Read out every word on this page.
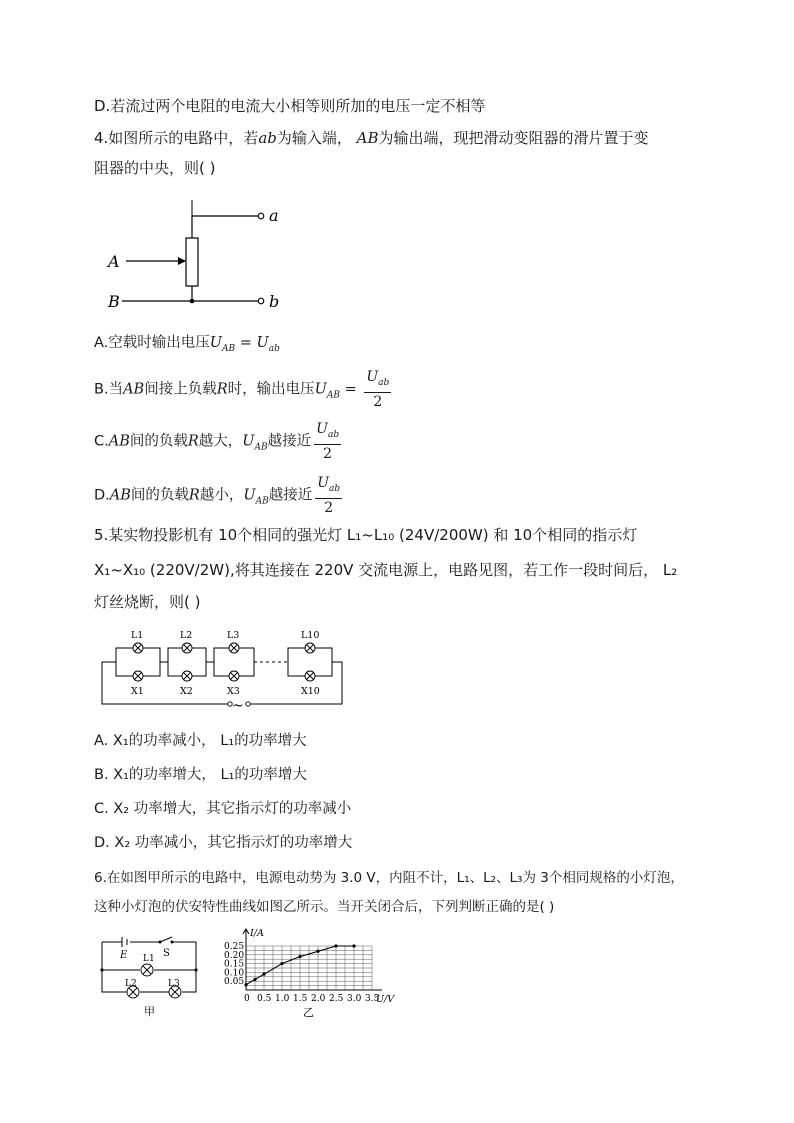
D.若流过两个电阻的电流大小相等则所加的电压一定不相等
4.如图所示的电路中，若ab为输入端， AB为输出端，现把滑动变阻器的滑片置于变
阻器的中央，则( )
a
A
B	b
A.空载时输出电压$U_{AB} = U_{ab}$
B.当AB间接上负载R时，输出电压$U_{AB} = \frac{U_{ab}}{2}$
C.AB间的负载R越大，$U_{AB}$越接近 $\frac{U_{ab}}{2}$
D.AB间的负载R越小，$U_{AB}$越接近 $\frac{U_{ab}}{2}$
5.某实物投影机有 10个相同的强光灯 L₁~L₁₀ (24V/200W) 和 10个相同的指示灯
X₁~X₁₀ (220V/2W),将其连接在 220V 交流电源上，电路见图，若工作一段时间后， L₂
灯丝烧断，则( )
~
L1	L2	L3	L10
X1	X2	X3	X10
A. X₁的功率减小， L₁的功率增大
B. X₁的功率增大， L₁的功率增大
C. X₂ 功率增大，其它指示灯的功率减小
D. X₂ 功率减小，其它指示灯的功率增大
6.在如图甲所示的电路中，电源电动势为 3.0 V，内阻不计，L₁、L₂、L₃为 3个相同规格的小灯泡，
这种小灯泡的伏安特性曲线如图乙所示。当开关闭合后，下列判断正确的是( )
E	S
L1
L2	L3
甲
0 0.5 1.0 1.5 2.0 2.5 3.0 3.5
0.05
0.10
0.15
0.20
0.25
I/A
U/V
乙
